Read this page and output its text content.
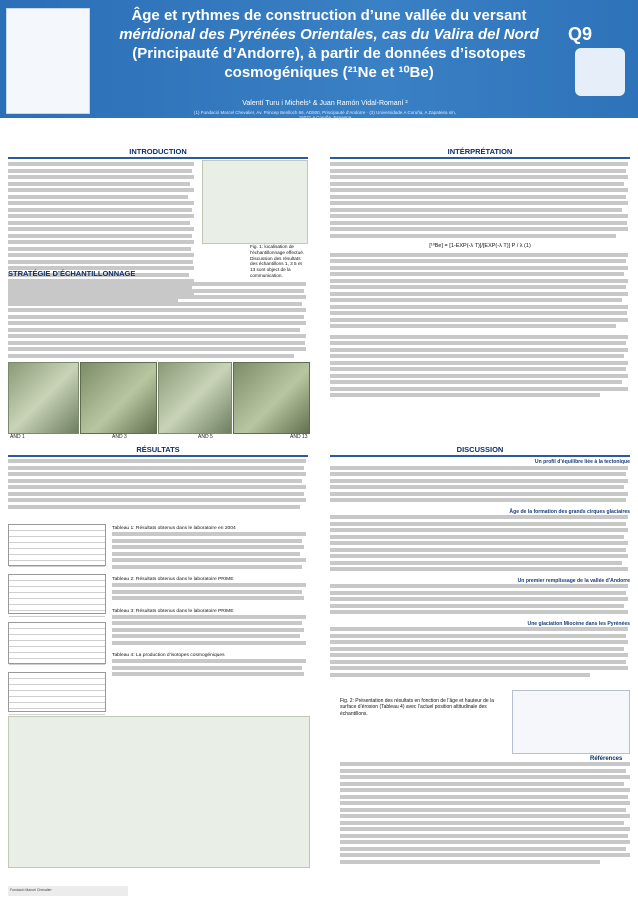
Âge et rythmes de construction d’une vallée du versant
méridional des Pyrénées Orientales, cas du Valira del Nord
(Principauté d’Andorre), à partir de données d’isotopes
cosmogéniques (²¹Ne et ¹⁰Be)
Valentí Turu i Michels¹ & Juan Ramón Vidal-Romaní ²
(1) Fundació Marcel Chevalier, Av. Princep Benlloch 66, AD500, Principauté d’Andorre · (2) Universidade A Coruña, A Zapateira s/n, 15071 A Coruña, Espagne
Q9
INTRODUCTION
Fig. 1: localisation de l’échantillonnage effectué. Discussion des résultats des échantillons 1, 3 5 et 13 sont object de la communication.
STRATÉGIE D’ÉCHANTILLONNAGE
AND 1	AND 3	AND 5	AND 13
RÉSULTATS
Tableau 1: Résultats obtenus dans le laboratoire en 2004
Tableau 2: Résultats obtenus dans le laboratoire PRIME
Tableau 3: Résultats obtenus dans le laboratoire PRIME
Tableau 4: La production d’isotopes cosmogéniques
Fundació Marcel Chevalier
INTÉRPRÉTATION
[¹⁰Be] = [1-EXP(-λ T)]/[EXP(-λ T)] P / λ (1)
DISCUSSION
Un profil d’équilibre liée à la tectonique
Âge de la formation des grands cirques glaciaires
Un premier remplissage de la vallée d’Andorre
Une glaciation Miocène dans les Pyrénées
Fig. 2: Présentation des résultats en fonction de l’âge et hauteur de la surface d’érosion (Tableau 4) avec l’actuel position altitudinale des échantillons.
Références
